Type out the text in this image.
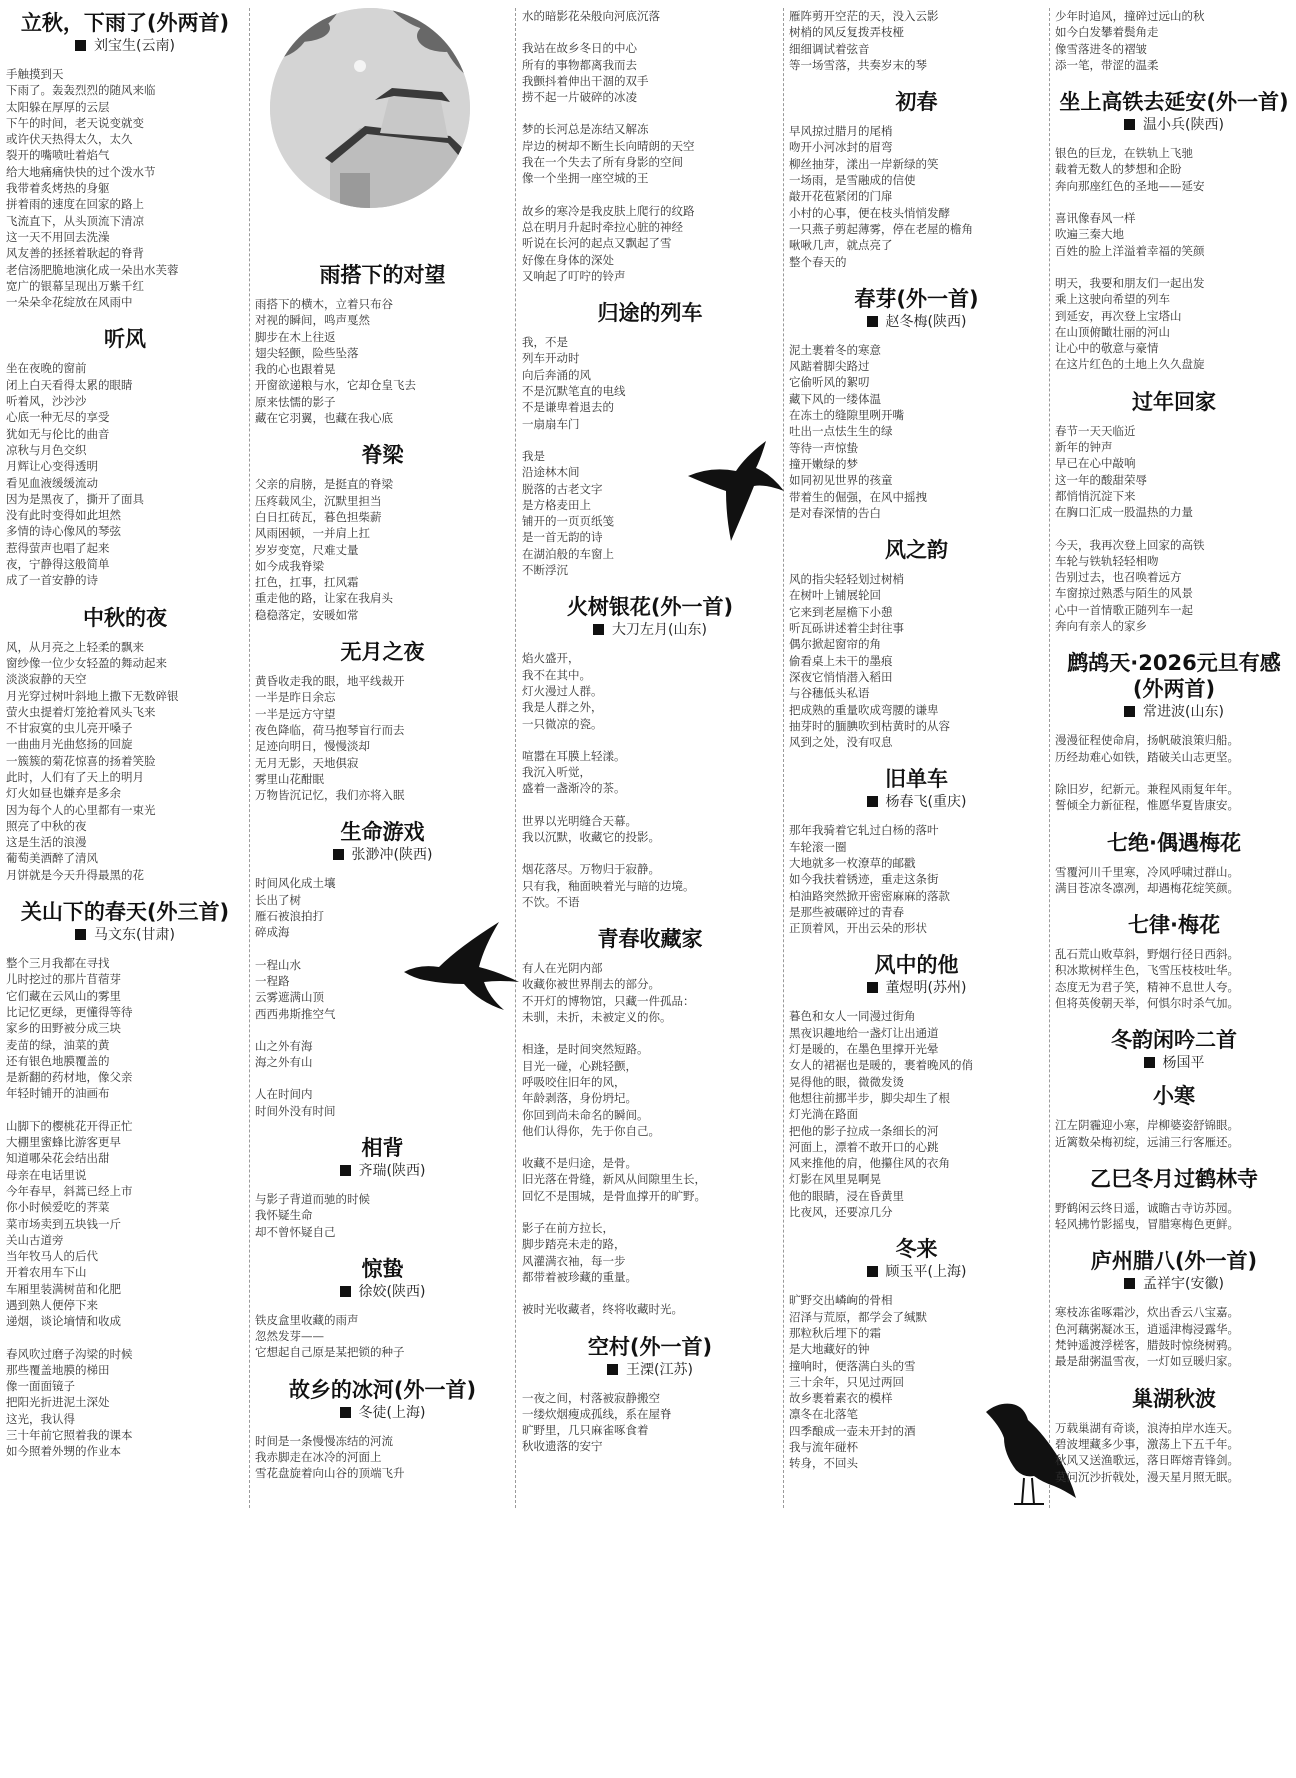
立秋，下雨了(外两首)
刘宝生(云南)
手触摸到天
下雨了。轰轰烈烈的随风来临
太阳躲在厚厚的云层
下午的时间，老天说变就变
或许伏天热得太久，太久
裂开的嘴喷吐着焰气
给大地痛痛快快的过个泼水节
我带着炙烤热的身躯
拼着雨的速度在回家的路上
飞流直下，从头顶流下清凉
这一天不用回去洗澡
风友善的拯拯着耿起的脊背
老信汤肥脆地演化成一朵出水芙蓉
宽广的银幕呈现出万紫千红
一朵朵伞花绽放在风雨中
听风
坐在夜晚的窗前
闭上白天看得太累的眼睛
听着风，沙沙沙
心底一种无尽的享受
犹如无与伦比的曲音
凉秋与月色交织
月辉让心变得透明
看见血液缓缓流动
因为是黑夜了，撕开了面具
没有此时变得如此坦然
多情的诗心像风的琴弦
惹得萤声也唱了起来
夜，宁静得这般简单
成了一首安静的诗
中秋的夜
风，从月亮之上轻柔的飘来
窗纱像一位少女轻盈的舞动起来
淡淡寂静的天空
月光穿过树叶斜地上撒下无数碎银
萤火虫提着灯笼抢着风头飞来
不甘寂寞的虫儿亮开嗓子
一曲曲月光曲悠扬的回旋
一簇簇的菊花惊喜的扬着笑脸
此时，人们有了天上的明月
灯火如昼也嫌弃是多余
因为每个人的心里都有一束光
照亮了中秋的夜
这是生活的浪漫
葡萄美酒醉了清风
月饼就是今天升得最黑的花
关山下的春天(外三首)
马文东(甘肃)
整个三月我都在寻找
儿时挖过的那片苜蓿芽
它们藏在云风山的雾里
比记忆更绿，更懂得等待
家乡的田野被分成三块
麦苗的绿，油菜的黄
还有银色地膜覆盖的
是新翻的药材地，像父亲
年轻时铺开的油画布
山脚下的樱桃花开得正忙
大棚里蜜蜂比游客更早
知道哪朵花会结出甜
母亲在电话里说
今年春早，斜蒿已经上市
你小时候爱吃的荠菜
菜市场卖到五块钱一斤
关山古道旁
当年牧马人的后代
开着农用车下山
车厢里装满树苗和化肥
遇到熟人便停下来
递烟，谈论墒情和收成
春风吹过磨子沟梁的时候
那些覆盖地膜的梯田
像一面面镜子
把阳光折进泥土深处
这光，我认得
三十年前它照着我的课本
如今照着外甥的作业本
雨搭下的对望
雨搭下的横木，立着只布谷
对视的瞬间，鸣声戛然
脚步在木上往返
翅尖轻颤，险些坠落
我的心也跟着晃
开窗欲递粮与水，它却仓皇飞去
原来怯懦的影子
藏在它羽翼，也藏在我心底
脊梁
父亲的肩膀，是挺直的脊梁
压疼载风尘，沉默里担当
白日扛砖瓦，暮色担柴薪
风雨困顿，一并肩上扛
岁岁变宽，尺难丈量
如今成我脊梁
扛色，扛事，扛风霜
重走他的路，让家在我肩头
稳稳落定，安暖如常
无月之夜
黄昏收走我的眼，地平线裁开
一半是昨日余忘
一半是远方守望
夜色降临，荷马抱琴盲行而去
足迹向明日，慢慢淡却
无月无影，天地俱寂
雾里山花酣眠
万物皆沉记忆，我们亦将入眠
生命游戏
张渺冲(陕西)
时间风化成土壤
长出了树
雁石被浪拍打
碎成海
一程山水
一程路
云雾遮满山顶
西西弗斯推空气
山之外有海
海之外有山
人在时间内
时间外没有时间
相背
齐瑞(陕西)
与影子背道而驰的时候
我怀疑生命
却不曾怀疑自己
惊蛰
徐姣(陕西)
铁皮盒里收藏的雨声
忽然发芽——
它想起自己原是某把锁的种子
故乡的冰河(外一首)
冬徒(上海)
时间是一条慢慢冻结的河流
我赤脚走在冰冷的河面上
雪花盘旋着向山谷的顶端飞升
水的暗影花朵般向河底沉落
我站在故乡冬日的中心
所有的事物都离我而去
我颤抖着伸出干涸的双手
捞不起一片破碎的冰凌
梦的长河总是冻结又解冻
岸边的树却不断生长向晴朗的天空
我在一个失去了所有身影的空间
像一个坐拥一座空城的王
故乡的寒冷是我皮肤上爬行的纹路
总在明月升起时牵拉心脏的神经
听说在长河的起点又飘起了雪
好像在身体的深处
又响起了叮咛的铃声
归途的列车
我，不是
列车开动时
向后奔涌的风
不是沉默笔直的电线
不是谦卑着退去的
一扇扇车门
我是
沿途林木间
脱落的古老文字
是方格麦田上
铺开的一页页纸笺
是一首无韵的诗
在湖泊般的车窗上
不断浮沉
火树银花(外一首)
大刀左月(山东)
焰火盛开，
我不在其中。
灯火漫过人群。
我是人群之外，
一只微凉的瓷。
喧嚣在耳膜上轻漾。
我沉入听觉，
盛着一盏渐冷的茶。
世界以光明缝合天幕。
我以沉默，收藏它的投影。
烟花落尽。万物归于寂静。
只有我，釉面映着光与暗的边境。
不饮。不语
青春收藏家
有人在光阴内部
收藏你被世界削去的部分。
不开灯的博物馆，只藏一件孤品：
未驯，未折，未被定义的你。
相逢，是时间突然短路。
目光一碰，心跳轻颤，
呼吸咬住旧年的风，
年龄剥落，身份坍圮。
你回到尚未命名的瞬间。
他们认得你，先于你自己。
收藏不是归途，是骨。
旧光落在骨缝，新风从间隙里生长，
回忆不是围城，是骨血撑开的旷野。
影子在前方拉长，
脚步踏亮未走的路，
风灌满衣袖，每一步
都带着被珍藏的重量。
被时光收藏者，终将收藏时光。
空村(外一首)
王溧(江苏)
一夜之间，村落被寂静搬空
一缕炊烟瘦成孤线，系在屋脊
旷野里，几只麻雀啄食着
秋收遗落的安宁
雁阵剪开空茫的天，没入云影
树梢的风反复拨弄枝桠
细细调试着弦音
等一场雪落，共奏岁末的琴
初春
早风掠过腊月的尾梢
吻开小河冰封的眉弯
柳丝抽芽，漾出一岸新绿的笑
一场雨，是雪融成的信使
敲开花苞紧闭的门扉
小村的心事，便在枝头悄悄发酵
一只燕子剪起薄雾，停在老屋的檐角
啾啾几声，就点亮了
整个春天的
春芽(外一首)
赵冬梅(陕西)
泥土裹着冬的寒意
风踮着脚尖路过
它偷听风的絮叨
藏下风的一缕体温
在冻土的缝隙里咧开嘴
吐出一点怯生生的绿
等待一声惊蛰
撞开嫩绿的梦
如同初见世界的孩童
带着生的倔强，在风中摇拽
是对春深情的告白
风之韵
风的指尖轻轻划过树梢
在树叶上铺展轮回
它来到老屋檐下小憩
听瓦砾讲述着尘封往事
偶尔掀起窗帘的角
偷看桌上未干的墨痕
深夜它悄悄潜入稻田
与谷穗低头私语
把成熟的重量吹成弯腰的谦卑
抽芽时的腼腆吹到枯黄时的从容
风到之处，没有叹息
旧单车
杨春飞(重庆)
那年我骑着它轧过白杨的落叶
车轮滚一圈
大地就多一枚潦草的邮戳
如今我扶着锈迹，重走这条街
柏油路突然掀开密密麻麻的落款
是那些被碾碎过的青春
正顶着风，开出云朵的形状
风中的他
董煜明(苏州)
暮色和女人一同漫过街角
黑夜识趣地给一盏灯让出通道
灯是暖的，在墨色里撑开光晕
女人的裙裾也是暖的，裹着晚风的俏
晃得他的眼，微微发烫
他想往前挪半步，脚尖却生了根
灯光淌在路面
把他的影子拉成一条细长的河
河面上，漂着不敢开口的心跳
风来推他的肩，他攥住风的衣角
灯影在风里晃啊晃
他的眼睛，浸在昏黄里
比夜风，还要凉几分
冬来
顾玉平(上海)
旷野交出嶙峋的骨相
沼泽与荒原，都学会了缄默
那粒秋后埋下的霜
是大地藏好的钟
撞响时，便落满白头的雪
三十余年，只见过两回
故乡裹着素衣的模样
凛冬在北落笔
四季酿成一壶未开封的酒
我与流年碰杯
转身，不回头
少年时追风，撞碎过远山的秋
如今白发攀着鬓角走
像雪落进冬的褶皱
添一笔，带涩的温柔
坐上高铁去延安(外一首)
温小兵(陕西)
银色的巨龙，在铁轨上飞驰
载着无数人的梦想和企盼
奔向那座红色的圣地——延安
喜讯像春风一样
吹遍三秦大地
百姓的脸上洋溢着幸福的笑颜
明天，我要和朋友们一起出发
乘上这驶向希望的列车
到延安，再次登上宝塔山
在山顶俯瞰壮丽的河山
让心中的敬意与豪情
在这片红色的土地上久久盘旋
过年回家
春节一天天临近
新年的钟声
早已在心中敲响
这一年的酸甜荣辱
都悄悄沉淀下来
在胸口汇成一股温热的力量
今天，我再次登上回家的高铁
车轮与铁轨轻轻相吻
告别过去，也召唤着远方
车窗掠过熟悉与陌生的风景
心中一首情歌正随列车一起
奔向有亲人的家乡
鹧鸪天·2026元旦有感(外两首)
常进波(山东)
漫漫征程使命肩，扬帆破浪策归船。
历经劫难心如铁，踏破关山志更坚。
除旧岁，纪新元。兼程风雨复年年。
誓倾全力新征程，惟愿华夏皆康安。
七绝·偶遇梅花
雪覆河川千里寒，冷风呼啸过群山。
满目苍凉冬凛冽，却遇梅花绽笑颜。
七律·梅花
乱石荒山败草斜，野烟行径日西斜。
积冰欺树样生色，飞雪压枝枝吐华。
态度无为君子笑，精神不息世人夸。
但将英俊朝天举，何惧尔时杀气加。
冬韵闲吟二首
杨国平
小寒
江左阴霾迎小寒，岸柳婆姿舒锦眼。
近篱数朵梅初绽，远浦三行客雁还。
乙巳冬月过鹤林寺
野鹤闲云终日遥，诚瞻古寺访苏园。
轻风拂竹影摇曳，冒腊寒梅色更鲜。
庐州腊八(外一首)
孟祥宇(安徽)
寒枝冻雀啄霜沙，炊出香云八宝嘉。
色河藕粥凝冰玉，逍遥津梅浸露华。
梵钟遥渡浮槎客，腊鼓时惊绕树鸦。
最是甜粥温雪夜，一灯如豆暖归家。
巢湖秋波
万载巢湖有奇谈，浪涛拍岸水连天。
碧波埋藏多少事，激荡上下五千年。
秋风又送渔歌远，落日晖熔青锋剑。
莫问沉沙折戟处，漫天星月照无眠。
